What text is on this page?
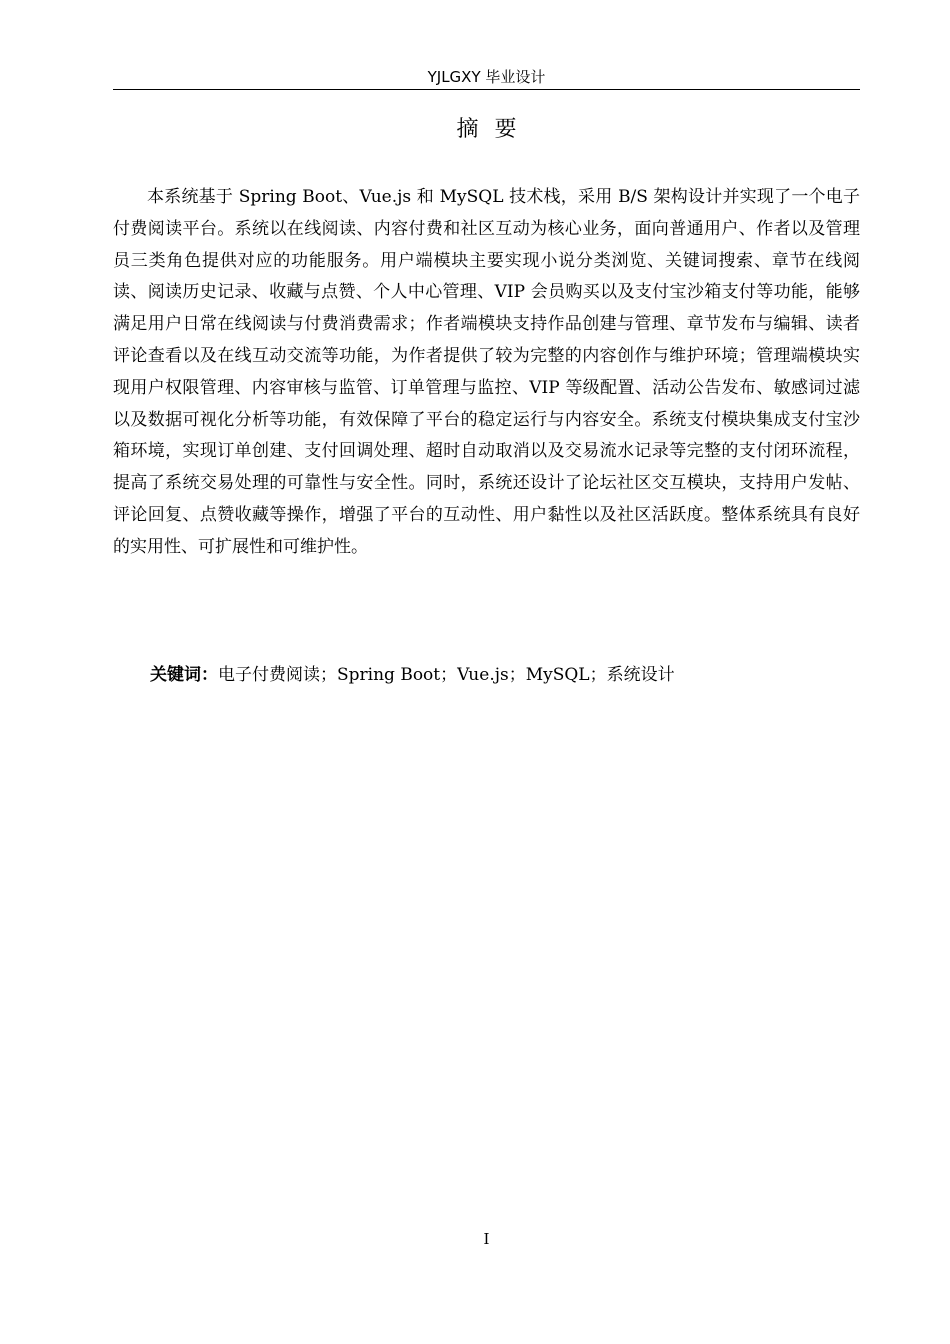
YJLGXY 毕业设计
摘要

本系统基于 Spring Boot、Vue.js 和 MySQL 技术栈，采用 B/S 架构设计并实现了一个电子付费阅读平台。系统以在线阅读、内容付费和社区互动为核心业务，面向普通用户、作者以及管理员三类角色提供对应的功能服务。用户端模块主要实现小说分类浏览、关键词搜索、章节在线阅读、阅读历史记录、收藏与点赞、个人中心管理、VIP 会员购买以及支付宝沙箱支付等功能，能够满足用户日常在线阅读与付费消费需求；作者端模块支持作品创建与管理、章节发布与编辑、读者评论查看以及在线互动交流等功能，为作者提供了较为完整的内容创作与维护环境；管理端模块实现用户权限管理、内容审核与监管、订单管理与监控、VIP 等级配置、活动公告发布、敏感词过滤以及数据可视化分析等功能，有效保障了平台的稳定运行与内容安全。系统支付模块集成支付宝沙箱环境，实现订单创建、支付回调处理、超时自动取消以及交易流水记录等完整的支付闭环流程，提高了系统交易处理的可靠性与安全性。同时，系统还设计了论坛社区交互模块，支持用户发帖、评论回复、点赞收藏等操作，增强了平台的互动性、用户黏性以及社区活跃度。整体系统具有良好的实用性、可扩展性和可维护性。

关键词：电子付费阅读；Spring Boot；Vue.js；MySQL；系统设计
I
